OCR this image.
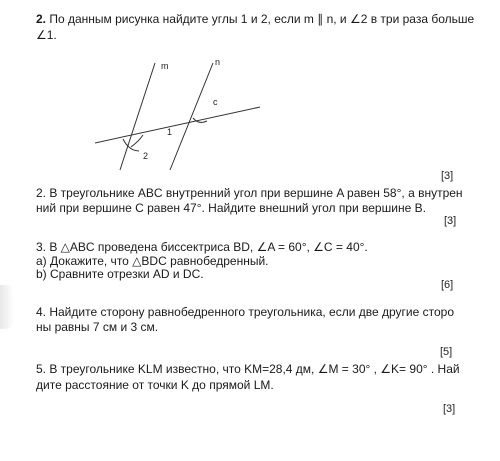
2. По данным рисунка найдите углы 1 и 2, если m ∥ n, и ∠2 в три раза больше
∠1.
m	n
c
1
2
[3]
2. В треугольнике ABC внутренний угол при вершине A равен 58°, а внутрен
ний при вершине C равен 47°. Найдите внешний угол при вершине B.
[3]
3. В △ABC проведена биссектриса BD, ∠A = 60°, ∠C = 40°.
a) Докажите, что △BDC равнобедренный.
b) Сравните отрезки AD и DC.
[6]
4. Найдите сторону равнобедренного треугольника, если две другие сторо
ны равны 7 см и 3 см.
[5]
5. В треугольнике KLM известно, что KM=28,4 дм, ∠M = 30° , ∠K= 90° . Най
дите расстояние от точки K до прямой LM.
[3]
